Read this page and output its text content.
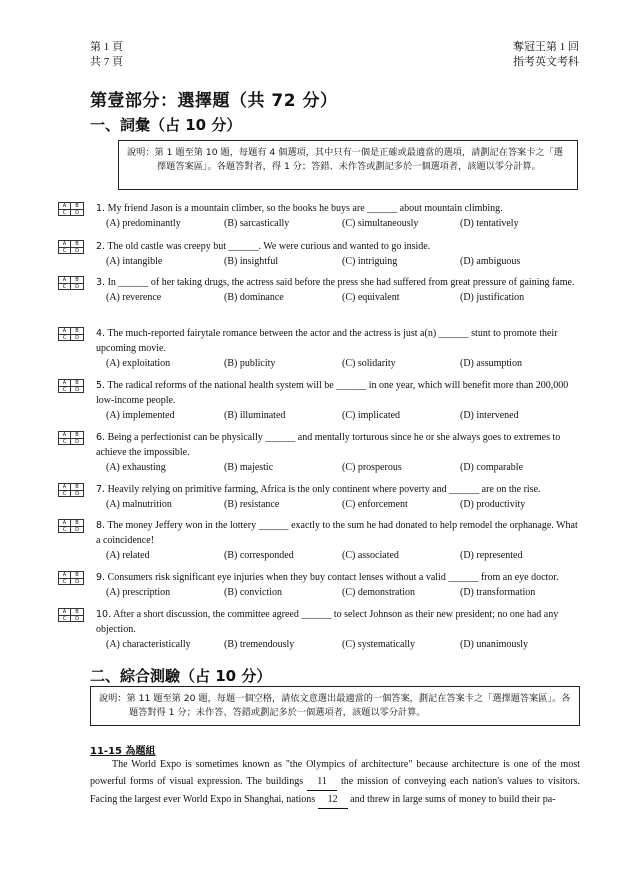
第 1 頁
共 7 頁
奪冠王第 1 回
指考英文考科
第壹部分：選擇題（共 72 分）
一、詞彙（占 10 分）
說明：第 1 題至第 10 題，每題有 4 個選項，其中只有一個是正確或最適當的選項，請劃記在答案卡之「選擇題答案區」。各題答對者，得 1 分；答錯、未作答或劃記多於一個選項者，該題以零分計算。
A	B
C	D	1. My friend Jason is a mountain climber, so the books he buys are ______ about mountain climbing.
(A) predominantly	(B) sarcastically	(C) simultaneously	(D) tentatively
A	B
C	D	2. The old castle was creepy but ______. We were curious and wanted to go inside.
(A) intangible	(B) insightful	(C) intriguing	(D) ambiguous
A	B
C	D	3. In ______ of her taking drugs, the actress said before the press she had suffered from great pressure of gaining fame.
(A) reverence	(B) dominance	(C) equivalent	(D) justification
A	B
C	D	4. The much-reported fairytale romance between the actor and the actress is just a(n) ______ stunt to promote their upcoming movie.
(A) exploitation	(B) publicity	(C) solidarity	(D) assumption
A	B
C	D	5. The radical reforms of the national health system will be ______ in one year, which will benefit more than 200,000 low-income people.
(A) implemented	(B) illuminated	(C) implicated	(D) intervened
A	B
C	D	6. Being a perfectionist can be physically ______ and mentally torturous since he or she always goes to extremes to achieve the impossible.
(A) exhausting	(B) majestic	(C) prosperous	(D) comparable
A	B
C	D	7. Heavily relying on primitive farming, Africa is the only continent where poverty and ______ are on the rise.
(A) malnutrition	(B) resistance	(C) enforcement	(D) productivity
A	B
C	D	8. The money Jeffery won in the lottery ______ exactly to the sum he had donated to help remodel the orphanage. What a coincidence!
(A) related	(B) corresponded	(C) associated	(D) represented
A	B
C	D	9. Consumers risk significant eye injuries when they buy contact lenses without a valid ______ from an eye doctor.
(A) prescription	(B) conviction	(C) demonstration	(D) transformation
A	B
C	D	10. After a short discussion, the committee agreed ______ to select Johnson as their new president; no one had any objection.
(A) characteristically	(B) tremendously	(C) systematically	(D) unanimously
二、綜合測驗（占 10 分）
說明：第 11 題至第 20 題，每題一個空格，請依文意選出最適當的一個答案，劃記在答案卡之「選擇題答案區」。各題答對得 1 分；未作答、答錯或劃記多於一個選項者，該題以零分計算。
11-15 為題組
The World Expo is sometimes known as "the Olympics of architecture" because architecture is one of the most powerful forms of visual expression. The buildings 11 the mission of conveying each nation's values to visitors. Facing the largest ever World Expo in Shanghai, nations 12 and threw in large sums of money to build their pa-
